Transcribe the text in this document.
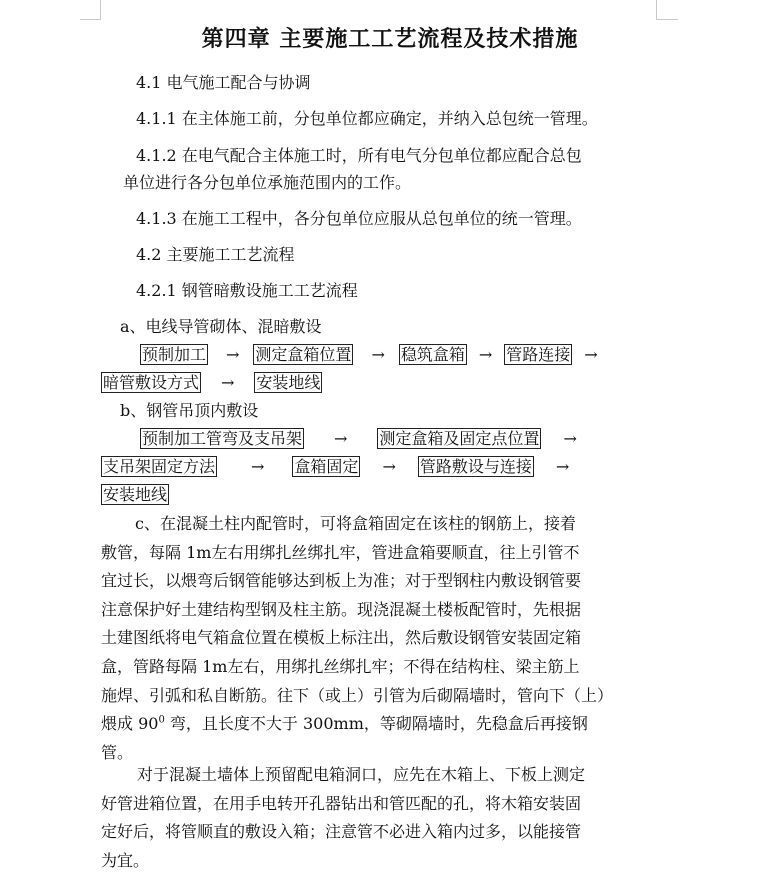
第四章 主要施工工艺流程及技术措施
4.1 电气施工配合与协调
4.1.1 在主体施工前，分包单位都应确定，并纳入总包统一管理。
4.1.2 在电气配合主体施工时，所有电气分包单位都应配合总包
单位进行各分包单位承施范围内的工作。
4.1.3 在施工工程中，各分包单位应服从总包单位的统一管理。
4.2 主要施工工艺流程
4.2.1 钢管暗敷设施工工艺流程
a、电线导管砌体、混暗敷设
预制加工 → 测定盒箱位置 → 稳筑盒箱 → 管路连接 →
暗管敷设方式 → 安装地线
b、钢管吊顶内敷设
预制加工管弯及支吊架 → 测定盒箱及固定点位置 →
支吊架固定方法 → 盒箱固定 → 管路敷设与连接 →
安装地线
c、在混凝土柱内配管时，可将盒箱固定在该柱的钢筋上，接着
敷管，每隔 1m左右用绑扎丝绑扎牢，管进盒箱要顺直，往上引管不
宜过长，以煨弯后钢管能够达到板上为准；对于型钢柱内敷设钢管要
注意保护好土建结构型钢及柱主筋。现浇混凝土楼板配管时，先根据
土建图纸将电气箱盒位置在模板上标注出，然后敷设钢管安装固定箱
盒，管路每隔 1m左右，用绑扎丝绑扎牢；不得在结构柱、梁主筋上
施焊、引弧和私自断筋。往下（或上）引管为后砌隔墙时，管向下（上）
煨成 $90^0$ 弯，且长度不大于 300mm，等砌隔墙时，先稳盒后再接钢
管。
对于混凝土墙体上预留配电箱洞口，应先在木箱上、下板上测定
好管进箱位置，在用手电转开孔器钻出和管匹配的孔，将木箱安装固
定好后，将管顺直的敷设入箱；注意管不必进入箱内过多，以能接管
为宜。
